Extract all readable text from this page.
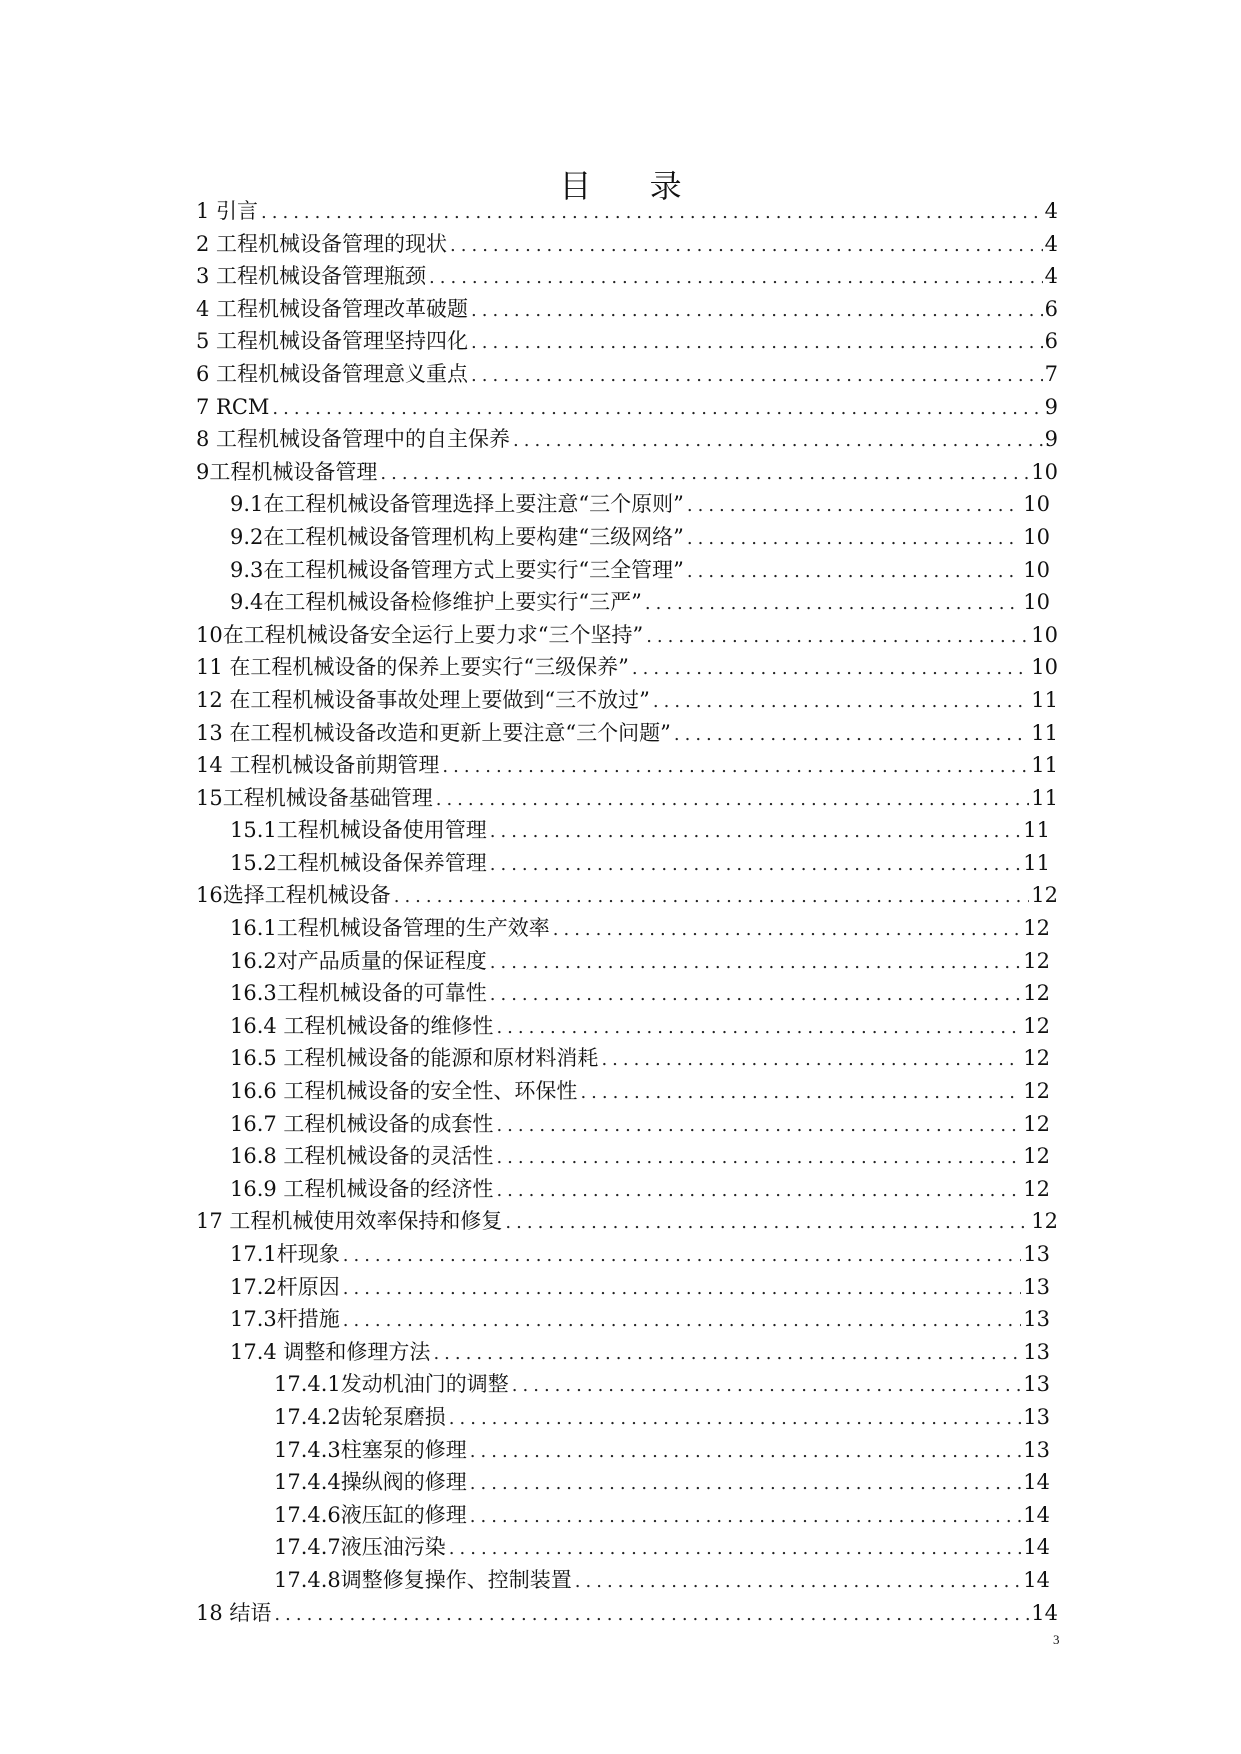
目 录
1 引言 .....	4
2 工程机械设备管理的现状 .....	4
3 工程机械设备管理瓶颈 .....	4
4 工程机械设备管理改革破题 .....	6
5 工程机械设备管理坚持四化 .....	6
6 工程机械设备管理意义重点 .....	7
7 RCM .....	9
8 工程机械设备管理中的自主保养 .....	9
9工程机械设备管理 .....	10
9.1在工程机械设备管理选择上要注意“三个原则” .....	10
9.2在工程机械设备管理机构上要构建“三级网络” .....	10
9.3在工程机械设备管理方式上要实行“三全管理” .....	10
9.4在工程机械设备检修维护上要实行“三严” .....	10
10在工程机械设备安全运行上要力求“三个坚持” .....	10
11 在工程机械设备的保养上要实行“三级保养” .....	10
12 在工程机械设备事故处理上要做到“三不放过” .....	11
13 在工程机械设备改造和更新上要注意“三个问题” .....	11
14 工程机械设备前期管理 .....	11
15工程机械设备基础管理 .....	11
15.1工程机械设备使用管理 .....	11
15.2工程机械设备保养管理 .....	11
16选择工程机械设备 .....	12
16.1工程机械设备管理的生产效率 .....	12
16.2对产品质量的保证程度 .....	12
16.3工程机械设备的可靠性 .....	12
16.4 工程机械设备的维修性 .....	12
16.5 工程机械设备的能源和原材料消耗 .....	12
16.6 工程机械设备的安全性、环保性 .....	12
16.7 工程机械设备的成套性 .....	12
16.8 工程机械设备的灵活性 .....	12
16.9 工程机械设备的经济性 .....	12
17 工程机械使用效率保持和修复 .....	12
17.1杆现象 .....	13
17.2杆原因 .....	13
17.3杆措施 .....	13
17.4 调整和修理方法 .....	13
17.4.1发动机油门的调整 .....	13
17.4.2齿轮泵磨损 .....	13
17.4.3柱塞泵的修理 .....	13
17.4.4操纵阀的修理 .....	14
17.4.6液压缸的修理 .....	14
17.4.7液压油污染 .....	14
17.4.8调整修复操作、控制装置 .....	14
18 结语 .....	14
3
